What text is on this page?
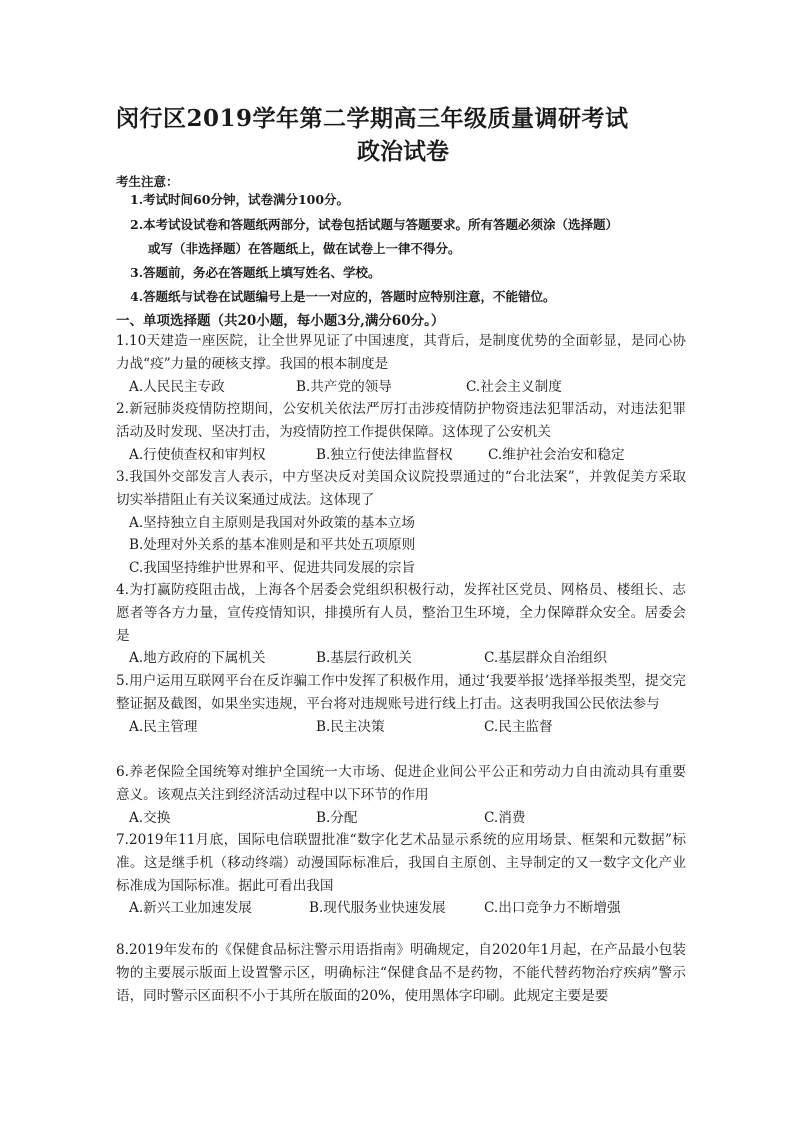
闵行区2019学年第二学期高三年级质量调研考试
政治试卷
考生注意：
1.考试时间60分钟，试卷满分100分。
2.本考试设试卷和答题纸两部分，试卷包括试题与答题要求。所有答题必须涂（选择题）
或写（非选择题）在答题纸上，做在试卷上一律不得分。
3.答题前，务必在答题纸上填写姓名、学校。
4.答题纸与试卷在试题编号上是一一对应的，答题时应特别注意，不能错位。
一、单项选择题（共20小题，每小题3分,满分60分。）
1.10天建造一座医院，让全世界见证了中国速度，其背后，是制度优势的全面彰显，是同心协力战“疫”力量的硬核支撑。我国的根本制度是
A.人民民主专政	B.共产党的领导	C.社会主义制度
2.新冠肺炎疫情防控期间，公安机关依法严厉打击涉疫情防护物资违法犯罪活动，对违法犯罪活动及时发现、坚决打击，为疫情防控工作提供保障。这体现了公安机关
A.行使侦查权和审判权	B.独立行使法律监督权	C.维护社会治安和稳定
3.我国外交部发言人表示，中方坚决反对美国众议院投票通过的“台北法案”，并敦促美方采取切实举措阻止有关议案通过成法。这体现了
A.坚持独立自主原则是我国对外政策的基本立场
B.处理对外关系的基本准则是和平共处五项原则
C.我国坚持维护世界和平、促进共同发展的宗旨
4.为打赢防疫阻击战，上海各个居委会党组织积极行动，发挥社区党员、网格员、楼组长、志愿者等各方力量，宣传疫情知识，排摸所有人员，整治卫生环境，全力保障群众安全。居委会是
A.地方政府的下属机关	B.基层行政机关	C.基层群众自治组织
5.用户运用互联网平台在反诈骗工作中发挥了积极作用，通过‘我要举报’选择举报类型，提交完整证据及截图，如果坐实违规，平台将对违规账号进行线上打击。这表明我国公民依法参与
A.民主管理	B.民主决策	C.民主监督
6.养老保险全国统筹对维护全国统一大市场、促进企业间公平公正和劳动力自由流动具有重要意义。该观点关注到经济活动过程中以下环节的作用
A.交换	B.分配	C.消费
7.2019年11月底，国际电信联盟批准“数字化艺术品显示系统的应用场景、框架和元数据”标准。这是继手机（移动终端）动漫国际标准后，我国自主原创、主导制定的又一数字文化产业标准成为国际标准。据此可看出我国
A.新兴工业加速发展	B.现代服务业快速发展	C.出口竞争力不断增强
8.2019年发布的《保健食品标注警示用语指南》明确规定，自2020年1月起，在产品最小包装物的主要展示版面上设置警示区，明确标注“保健食品不是药物，不能代替药物治疗疾病”警示语，同时警示区面积不小于其所在版面的20%，使用黑体字印刷。此规定主要是要
